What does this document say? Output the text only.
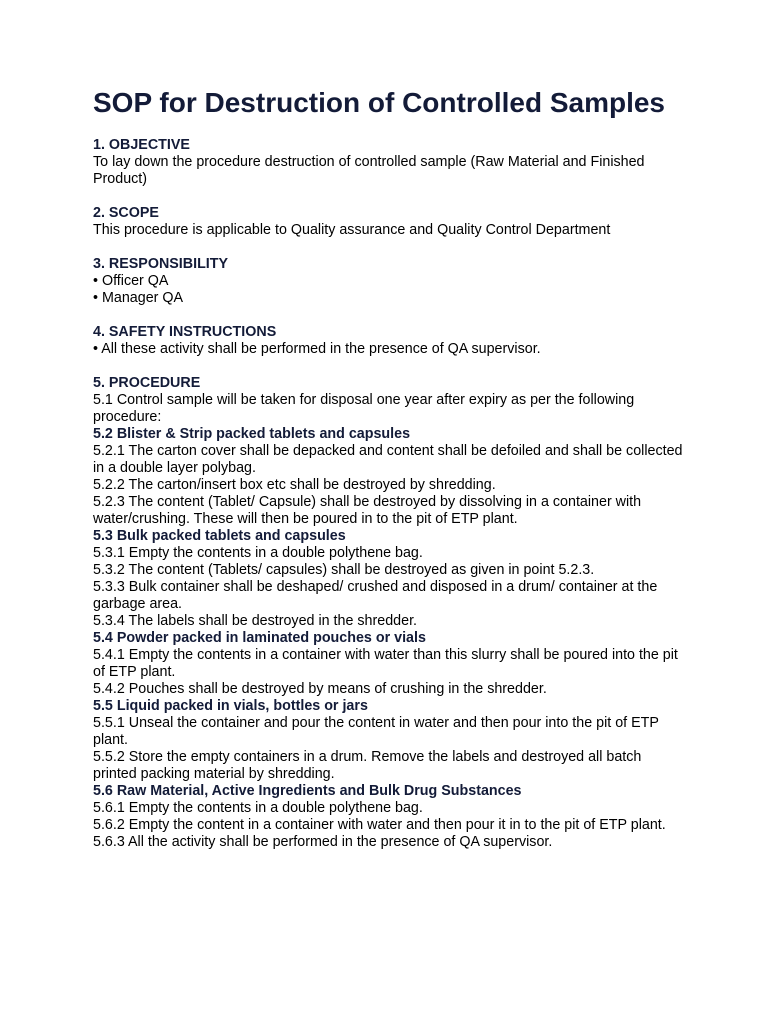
SOP for Destruction of Controlled Samples

1. OBJECTIVE

To lay down the procedure destruction of controlled sample (Raw Material and Finished Product)

2. SCOPE

This procedure is applicable to Quality assurance and Quality Control Department

3. RESPONSIBILITY

• Officer QA

• Manager QA

4. SAFETY INSTRUCTIONS

• All these activity shall be performed in the presence of QA supervisor.

5. PROCEDURE

5.1 Control sample will be taken for disposal one year after expiry as per the following procedure:

5.2 Blister & Strip packed tablets and capsules

5.2.1 The carton cover shall be depacked and content shall be defoiled and shall be collected in a double layer polybag.

5.2.2 The carton/insert box etc shall be destroyed by shredding.

5.2.3 The content (Tablet/ Capsule) shall be destroyed by dissolving in a container with water/crushing. These will then be poured in to the pit of ETP plant.

5.3 Bulk packed tablets and capsules

5.3.1 Empty the contents in a double polythene bag.

5.3.2 The content (Tablets/ capsules) shall be destroyed as given in point 5.2.3.

5.3.3 Bulk container shall be deshaped/ crushed and disposed in a drum/ container at the garbage area.

5.3.4 The labels shall be destroyed in the shredder.

5.4 Powder packed in laminated pouches or vials

5.4.1 Empty the contents in a container with water than this slurry shall be poured into the pit of ETP plant.

5.4.2 Pouches shall be destroyed by means of crushing in the shredder.

5.5 Liquid packed in vials, bottles or jars

5.5.1 Unseal the container and pour the content in water and then pour into the pit of ETP plant.

5.5.2 Store the empty containers in a drum. Remove the labels and destroyed all batch printed packing material by shredding.

5.6 Raw Material, Active Ingredients and Bulk Drug Substances

5.6.1 Empty the contents in a double polythene bag.

5.6.2 Empty the content in a container with water and then pour it in to the pit of ETP plant.

5.6.3 All the activity shall be performed in the presence of QA supervisor.
